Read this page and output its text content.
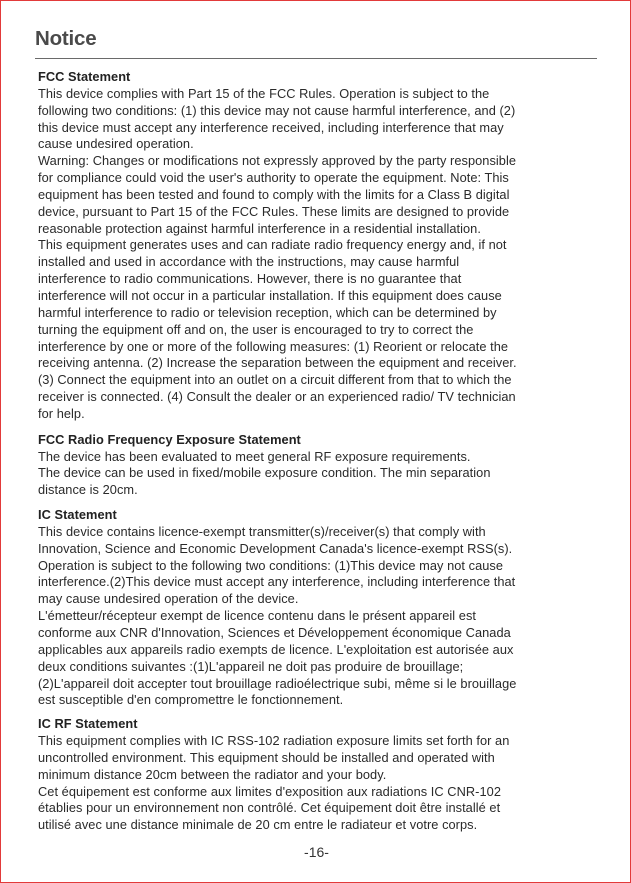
Notice
FCC Statement
This device complies with Part 15 of the FCC Rules. Operation is subject to the
following two conditions: (1) this device may not cause harmful interference, and (2)
this device must accept any interference received, including interference that may
cause undesired operation.
Warning: Changes or modifications not expressly approved by the party responsible
for compliance could void the user's authority to operate the equipment. Note: This
equipment has been tested and found to comply with the limits for a Class B digital
device, pursuant to Part 15 of the FCC Rules. These limits are designed to provide
reasonable protection against harmful interference in a residential installation.
This equipment generates uses and can radiate radio frequency energy and, if not
installed and used in accordance with the instructions, may cause harmful
interference to radio communications. However, there is no guarantee that
interference will not occur in a particular installation. If this equipment does cause
harmful interference to radio or television reception, which can be determined by
turning the equipment off and on, the user is encouraged to try to correct the
interference by one or more of the following measures: (1) Reorient or relocate the
receiving antenna. (2) Increase the separation between the equipment and receiver.
(3) Connect the equipment into an outlet on a circuit different from that to which the
receiver is connected. (4) Consult the dealer or an experienced radio/ TV technician
for help.
FCC Radio Frequency Exposure Statement
The device has been evaluated to meet general RF exposure requirements.
The device can be used in fixed/mobile exposure condition. The min separation
distance is 20cm.
IC Statement
This device contains licence-exempt transmitter(s)/receiver(s) that comply with
Innovation, Science and Economic Development Canada's licence-exempt RSS(s).
Operation is subject to the following two conditions: (1)This device may not cause
interference.(2)This device must accept any interference, including interference that
may cause undesired operation of the device.
L'émetteur/récepteur exempt de licence contenu dans le présent appareil est
conforme aux CNR d'Innovation, Sciences et Développement économique Canada
applicables aux appareils radio exempts de licence. L'exploitation est autorisée aux
deux conditions suivantes :(1)L'appareil ne doit pas produire de brouillage;
(2)L'appareil doit accepter tout brouillage radioélectrique subi, même si le brouillage
est susceptible d'en compromettre le fonctionnement.
IC RF Statement
This equipment complies with IC RSS-102 radiation exposure limits set forth for an
uncontrolled environment. This equipment should be installed and operated with
minimum distance 20cm between the radiator and your body.
Cet équipement est conforme aux limites d'exposition aux radiations IC CNR-102
établies pour un environnement non contrôlé. Cet équipement doit être installé et
utilisé avec une distance minimale de 20 cm entre le radiateur et votre corps.
-16-
